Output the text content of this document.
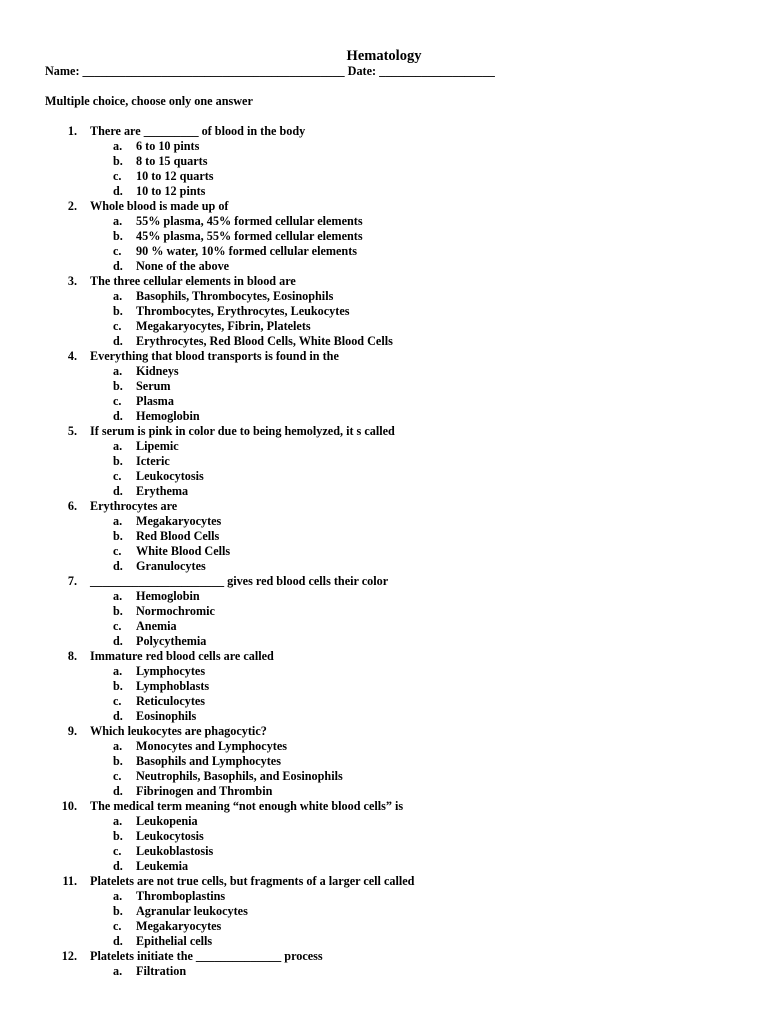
Hematology
Name: ___________________________________________ Date: ___________________
Multiple choice, choose only one answer
1. There are _________ of blood in the body
a. 6 to 10 pints
b. 8 to 15 quarts
c. 10 to 12 quarts
d. 10 to 12 pints
2. Whole blood is made up of
a. 55% plasma, 45% formed cellular elements
b. 45% plasma, 55% formed cellular elements
c. 90 % water, 10% formed cellular elements
d. None of the above
3. The three cellular elements in blood are
a. Basophils, Thrombocytes, Eosinophils
b. Thrombocytes, Erythrocytes, Leukocytes
c. Megakaryocytes, Fibrin, Platelets
d. Erythrocytes, Red Blood Cells, White Blood Cells
4. Everything that blood transports is found in the
a. Kidneys
b. Serum
c. Plasma
d. Hemoglobin
5. If serum is pink in color due to being hemolyzed, it s called
a. Lipemic
b. Icteric
c. Leukocytosis
d. Erythema
6. Erythrocytes are
a. Megakaryocytes
b. Red Blood Cells
c. White Blood Cells
d. Granulocytes
7. ______________________ gives red blood cells their color
a. Hemoglobin
b. Normochromic
c. Anemia
d. Polycythemia
8. Immature red blood cells are called
a. Lymphocytes
b. Lymphoblasts
c. Reticulocytes
d. Eosinophils
9. Which leukocytes are phagocytic?
a. Monocytes and Lymphocytes
b. Basophils and Lymphocytes
c. Neutrophils, Basophils, and Eosinophils
d. Fibrinogen and Thrombin
10. The medical term meaning “not enough white blood cells” is
a. Leukopenia
b. Leukocytosis
c. Leukoblastosis
d. Leukemia
11. Platelets are not true cells, but fragments of a larger cell called
a. Thromboplastins
b. Agranular leukocytes
c. Megakaryocytes
d. Epithelial cells
12. Platelets initiate the ______________ process
a. Filtration
